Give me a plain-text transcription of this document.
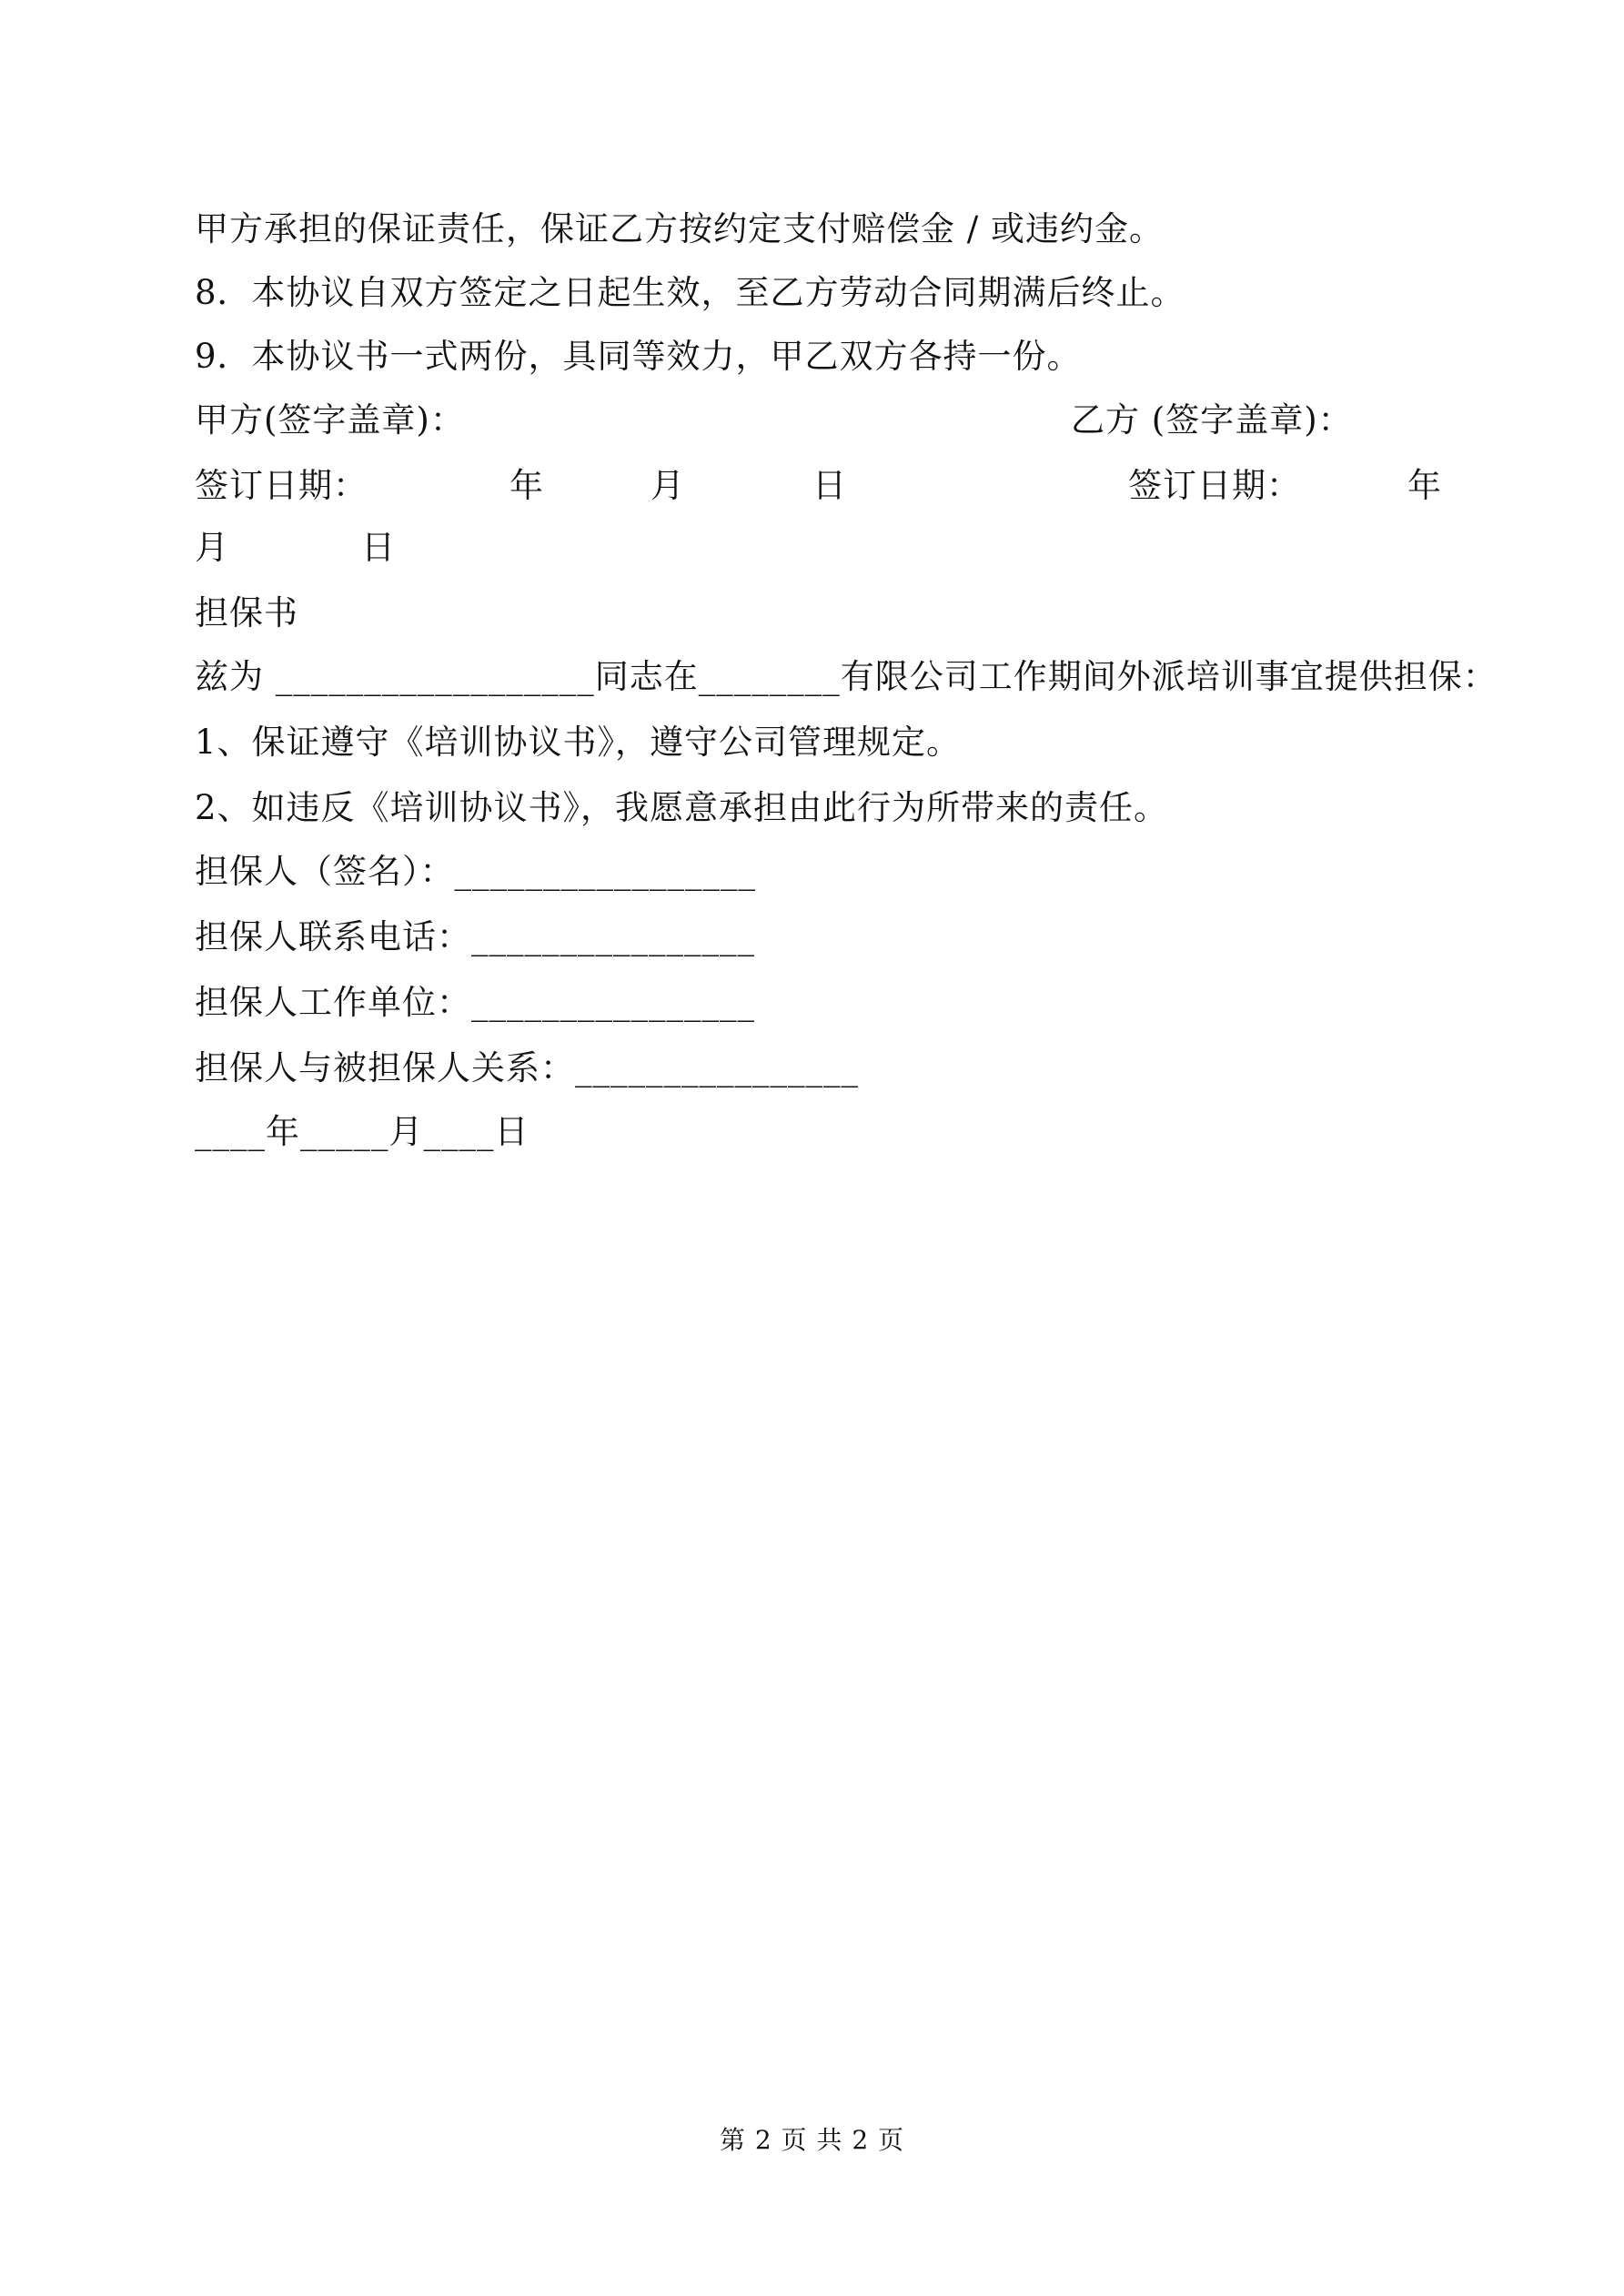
甲方承担的保证责任，保证乙方按约定支付赔偿金 / 或违约金。
8．本协议自双方签定之日起生效，至乙方劳动合同期满后终止。
9．本协议书一式两份，具同等效力，甲乙双方各持一份。
甲方(签字盖章)：	乙方 (签字盖章)：
签订日期：	年	月	日	签订日期：	年
月	日
担保书
兹为 __________________同志在________有限公司工作期间外派培训事宜提供担保：
1、保证遵守《培训协议书》，遵守公司管理规定。
2、如违反《培训协议书》，我愿意承担由此行为所带来的责任。
担保人（签名）：_________________
担保人联系电话：________________
担保人工作单位：________________
担保人与被担保人关系：________________
____年_____月____日
第 2 页 共 2 页
